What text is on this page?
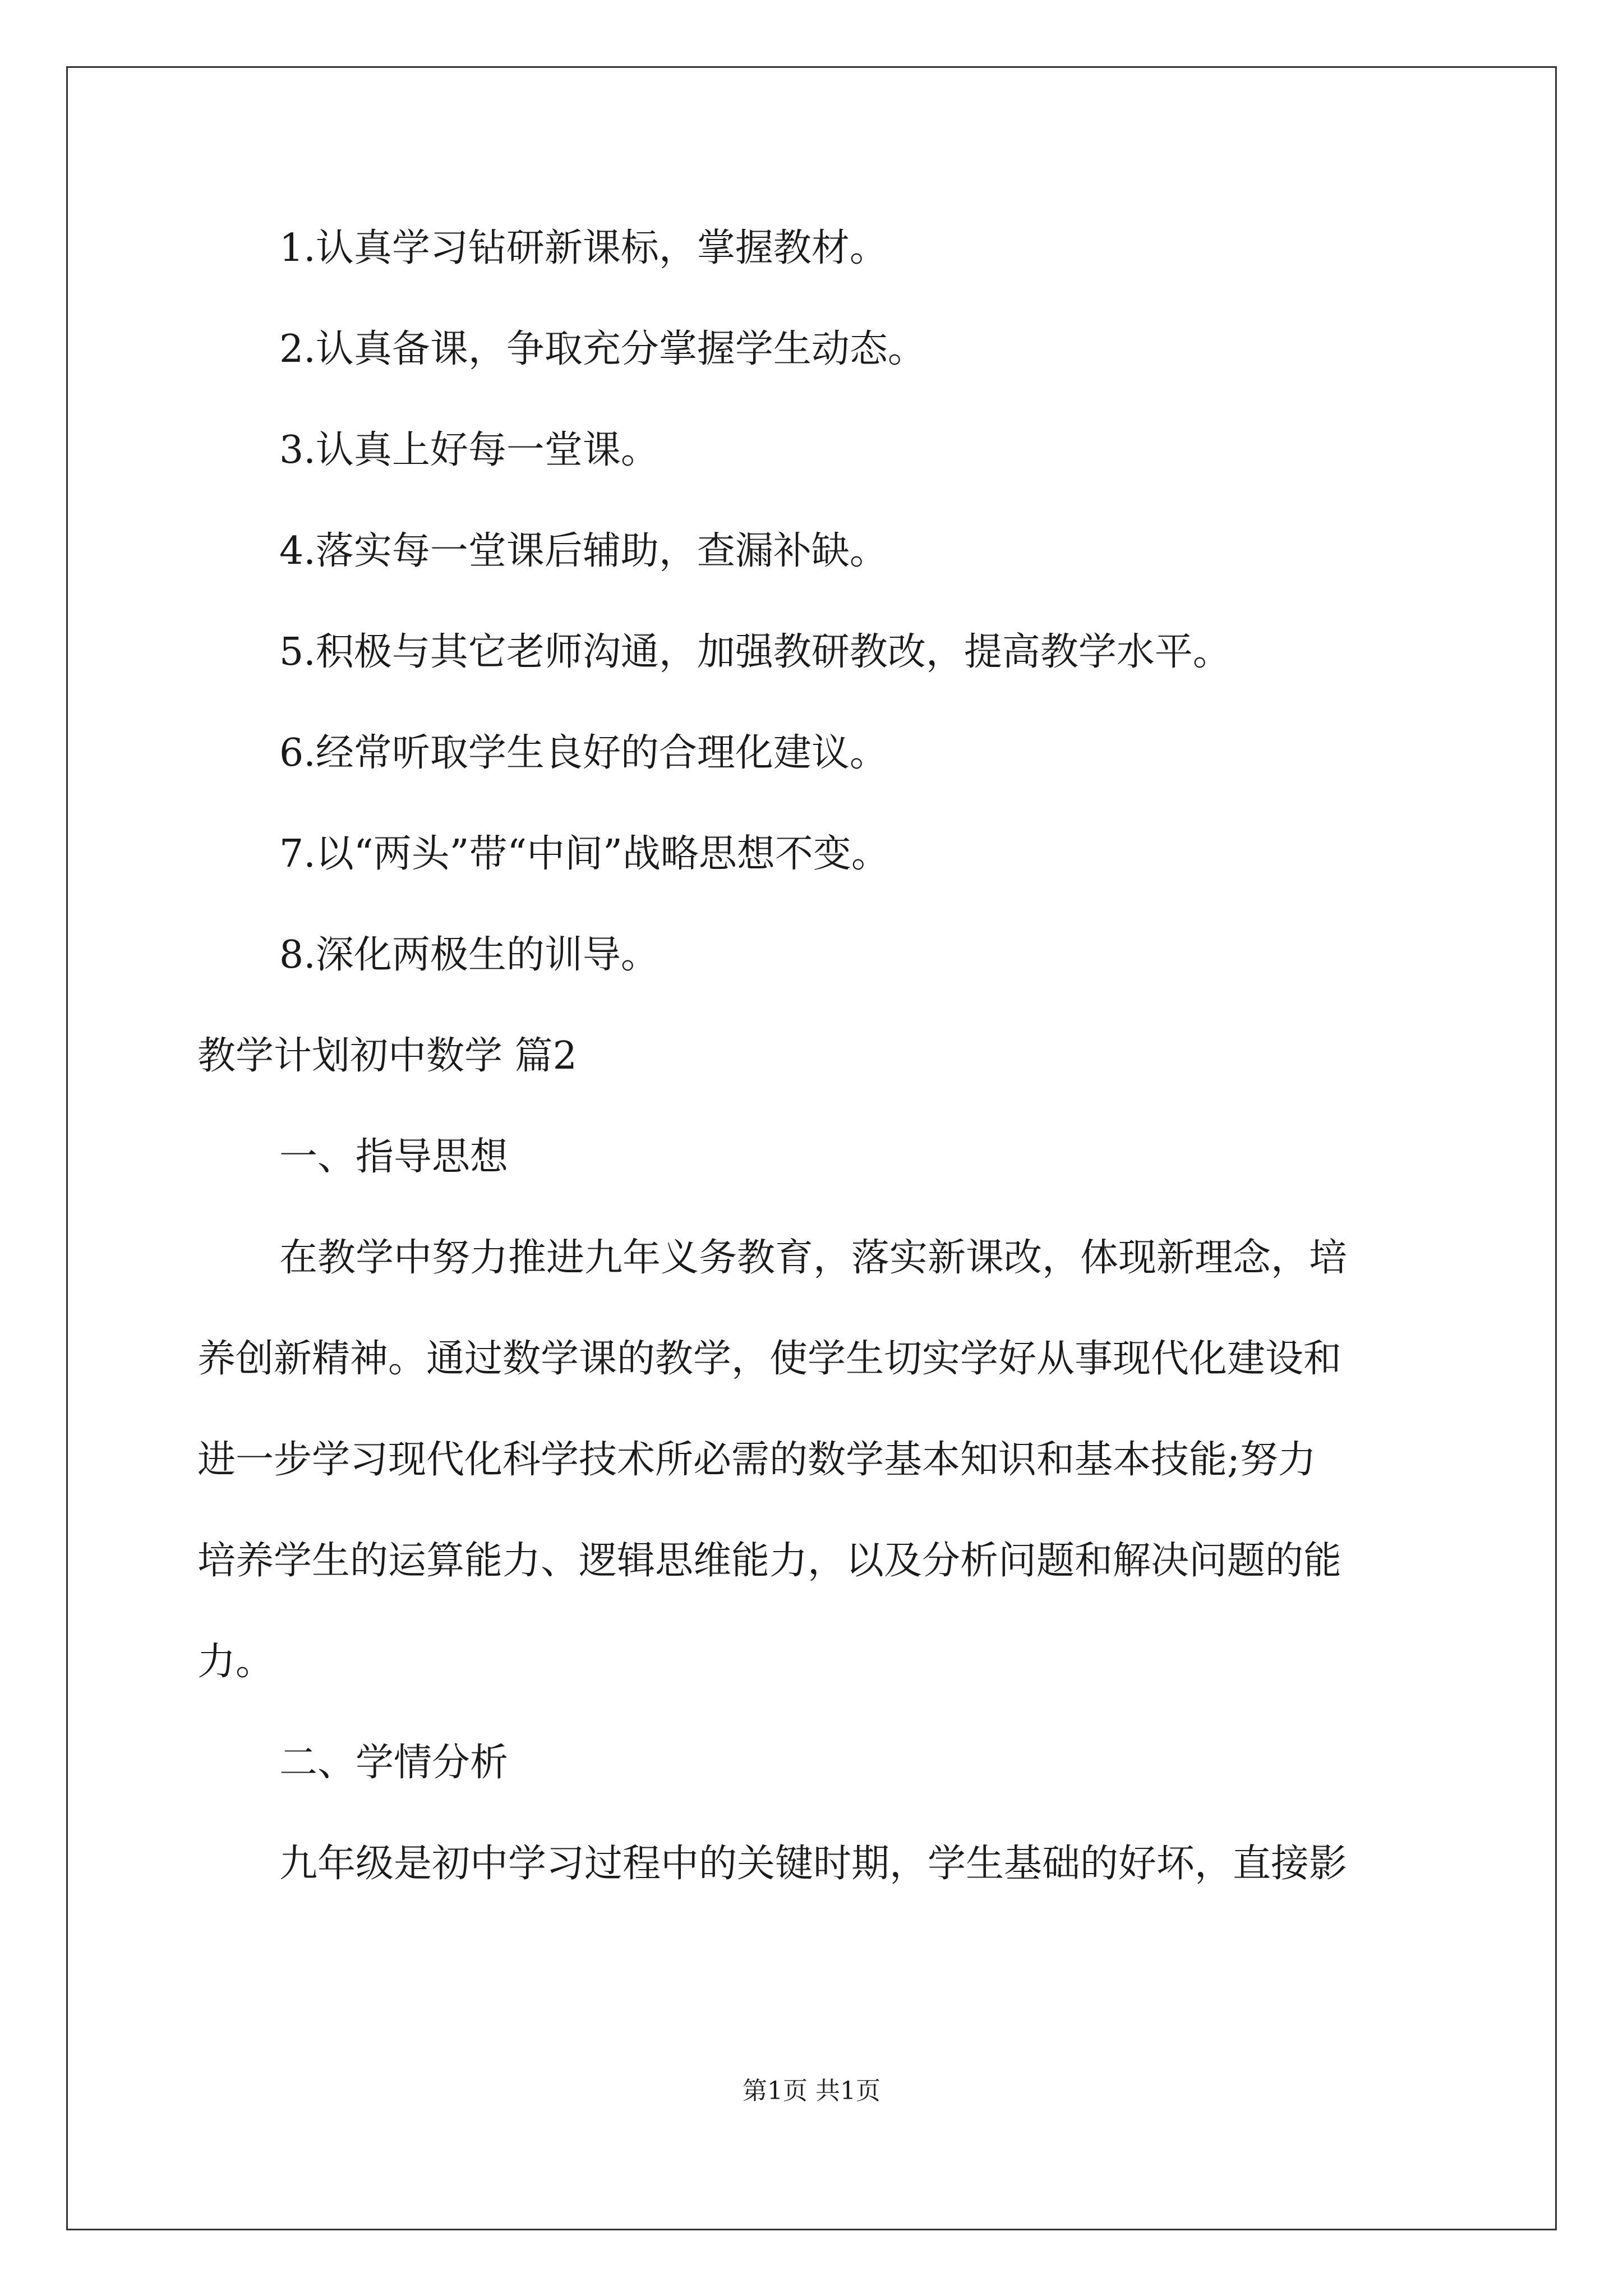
1.认真学习钻研新课标，掌握教材。
2.认真备课，争取充分掌握学生动态。
3.认真上好每一堂课。
4.落实每一堂课后辅助，查漏补缺。
5.积极与其它老师沟通，加强教研教改，提高教学水平。
6.经常听取学生良好的合理化建议。
7.以“两头”带“中间”战略思想不变。
8.深化两极生的训导。
教学计划初中数学 篇2
一、指导思想
在教学中努力推进九年义务教育，落实新课改，体现新理念，培
养创新精神。通过数学课的教学，使学生切实学好从事现代化建设和
进一步学习现代化科学技术所必需的数学基本知识和基本技能;努力
培养学生的运算能力、逻辑思维能力，以及分析问题和解决问题的能
力。
二、学情分析
九年级是初中学习过程中的关键时期，学生基础的好坏，直接影
第1页 共1页
